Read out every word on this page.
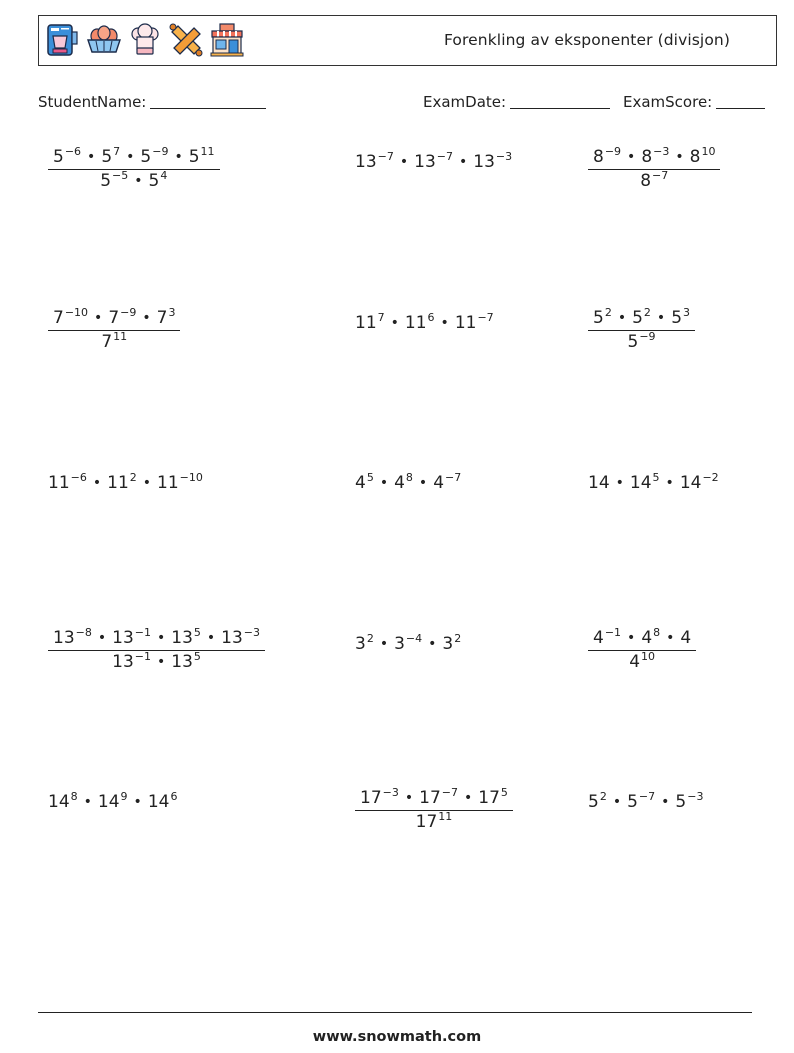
Forenkling av eksponenter (divisjon)
StudentName:	ExamDate:	ExamScore:
$\frac{5^{-6} • 5^7 • 5^{-9} • 5^{11}}{5^{-5} • 5^4}$	$13^{-7}$ • $13^{-7}$ • $13^{-3}$	$\frac{8^{-9} • 8^{-3} • 8^{10}}{8^{-7}}$
$\frac{7^{-10} • 7^{-9} • 7^3}{7^{11}}$	$11^7$ • $11^6$ • $11^{-7}$	$\frac{5^2 • 5^2 • 5^3}{5^{-9}}$
$11^{-6}$ • $11^2$ • $11^{-10}$	$4^5$ • $4^8$ • $4^{-7}$	14 • $14^5$ • $14^{-2}$
$\frac{13^{-8} • 13^{-1} • 13^5 • 13^{-3}}{13^{-1} • 13^5}$	$3^2$ • $3^{-4}$ • $3^2$	$\frac{4^{-1} • 4^8 • 4}{4^{10}}$
$14^8$ • $14^9$ • $14^6$	$\frac{17^{-3} • 17^{-7} • 17^5}{17^{11}}$	$5^2$ • $5^{-7}$ • $5^{-3}$
www.snowmath.com
